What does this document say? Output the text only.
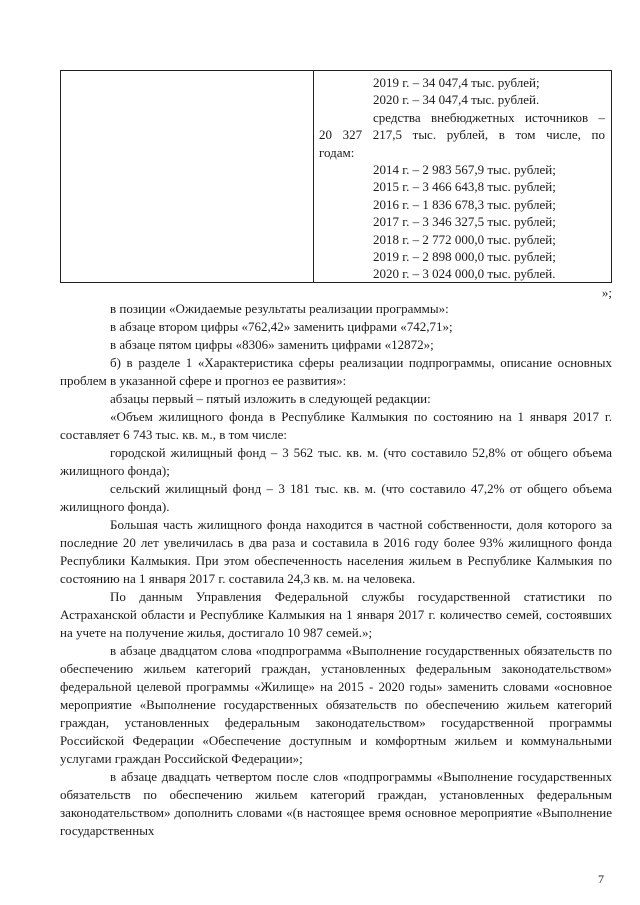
2019 г. – 34 047,4 тыс. рублей;
2020 г. – 34 047,4 тыс. рублей.
средства внебюджетных источников –
20 327 217,5 тыс. рублей, в том числе, по
годам:
2014 г. – 2 983 567,9 тыс. рублей;
2015 г. – 3 466 643,8 тыс. рублей;
2016 г. – 1 836 678,3 тыс. рублей;
2017 г. – 3 346 327,5 тыс. рублей;
2018 г. – 2 772 000,0 тыс. рублей;
2019 г. – 2 898 000,0 тыс. рублей;
2020 г. – 3 024 000,0 тыс. рублей.
»;

в позиции «Ожидаемые результаты реализации программы»:

в абзаце втором цифры «762,42» заменить цифрами «742,71»;

в абзаце пятом цифры «8306» заменить цифрами «12872»;

б) в разделе 1 «Характеристика сферы реализации подпрограммы, описание основных проблем в указанной сфере и прогноз ее развития»:

абзацы первый – пятый изложить в следующей редакции:

«Объем жилищного фонда в Республике Калмыкия по состоянию на 1 января 2017 г. составляет 6 743 тыс. кв. м., в том числе:

городской жилищный фонд – 3 562 тыс. кв. м. (что составило 52,8% от общего объема жилищного фонда);

сельский жилищный фонд – 3 181 тыс. кв. м. (что составило 47,2% от общего объема жилищного фонда).

Большая часть жилищного фонда находится в частной собственности, доля которого за последние 20 лет увеличилась в два раза и составила в 2016 году более 93% жилищного фонда Республики Калмыкия. При этом обеспеченность населения жильем в Республике Калмыкия по состоянию на 1 января 2017 г. составила 24,3 кв. м. на человека.

По данным Управления Федеральной службы государственной статистики по Астраханской области и Республике Калмыкия на 1 января 2017 г. количество семей, состоявших на учете на получение жилья, достигало 10 987 семей.»;

в абзаце двадцатом слова «подпрограмма «Выполнение государственных обязательств по обеспечению жильем категорий граждан, установленных федеральным законодательством» федеральной целевой программы «Жилище» на 2015 - 2020 годы» заменить словами «основное мероприятие «Выполнение государственных обязательств по обеспечению жильем категорий граждан, установленных федеральным законодательством» государственной программы Российской Федерации «Обеспечение доступным и комфортным жильем и коммунальными услугами граждан Российской Федерации»;

в абзаце двадцать четвертом после слов «подпрограммы «Выполнение государственных обязательств по обеспечению жильем категорий граждан, установленных федеральным законодательством» дополнить словами «(в настоящее время основное мероприятие «Выполнение государственных

7
